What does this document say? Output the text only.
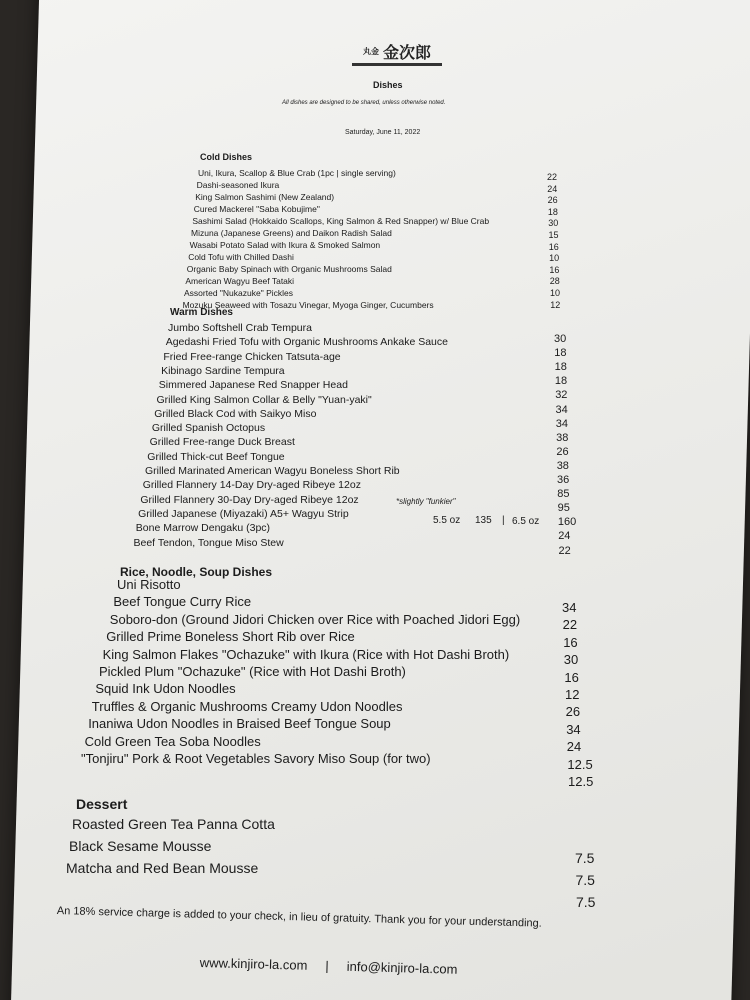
丸金 金次郎
Dishes
All dishes are designed to be shared, unless otherwise noted.
Saturday, June 11, 2022
Cold Dishes
Uni, Ikura, Scallop & Blue Crab (1pc | single serving)
Dashi-seasoned Ikura
King Salmon Sashimi (New Zealand)
Cured Mackerel "Saba Kobujime"
Sashimi Salad (Hokkaido Scallops, King Salmon & Red Snapper) w/ Blue Crab
Mizuna (Japanese Greens) and Daikon Radish Salad
Wasabi Potato Salad with Ikura & Smoked Salmon
Cold Tofu with Chilled Dashi
Organic Baby Spinach with Organic Mushrooms Salad
American Wagyu Beef Tataki
Assorted "Nukazuke" Pickles
Mozuku Seaweed with Tosazu Vinegar, Myoga Ginger, Cucumbers
22
24
26
18
30
15
16
10
16
28
10
12
Warm Dishes
Jumbo Softshell Crab Tempura
Agedashi Fried Tofu with Organic Mushrooms Ankake Sauce
Fried Free-range Chicken Tatsuta-age
Kibinago Sardine Tempura
Simmered Japanese Red Snapper Head
Grilled King Salmon Collar & Belly "Yuan-yaki"
Grilled Black Cod with Saikyo Miso
Grilled Spanish Octopus
Grilled Free-range Duck Breast
Grilled Thick-cut Beef Tongue
Grilled Marinated American Wagyu Boneless Short Rib
Grilled Flannery 14-Day Dry-aged Ribeye 12oz
Grilled Flannery 30-Day Dry-aged Ribeye 12oz
Grilled Japanese (Miyazaki) A5+ Wagyu Strip
Bone Marrow Dengaku (3pc)
Beef Tendon, Tongue Miso Stew
30
18
18
18
32
34
34
38
26
38
36
85
95
160
24
22
*slightly "funkier"
5.5 oz 135 | 6.5 oz
Rice, Noodle, Soup Dishes
Uni Risotto
Beef Tongue Curry Rice
Soboro-don (Ground Jidori Chicken over Rice with Poached Jidori Egg)
Grilled Prime Boneless Short Rib over Rice
King Salmon Flakes "Ochazuke" with Ikura (Rice with Hot Dashi Broth)
Pickled Plum "Ochazuke" (Rice with Hot Dashi Broth)
Squid Ink Udon Noodles
Truffles & Organic Mushrooms Creamy Udon Noodles
Inaniwa Udon Noodles in Braised Beef Tongue Soup
Cold Green Tea Soba Noodles
"Tonjiru" Pork & Root Vegetables Savory Miso Soup (for two)
34
22
16
30
16
12
26
34
24
12.5
12.5
Dessert
Roasted Green Tea Panna Cotta
Black Sesame Mousse
Matcha and Red Bean Mousse
7.5
7.5
7.5
An 18% service charge is added to your check, in lieu of gratuity. Thank you for your understanding.
www.kinjiro-la.com | info@kinjiro-la.com
